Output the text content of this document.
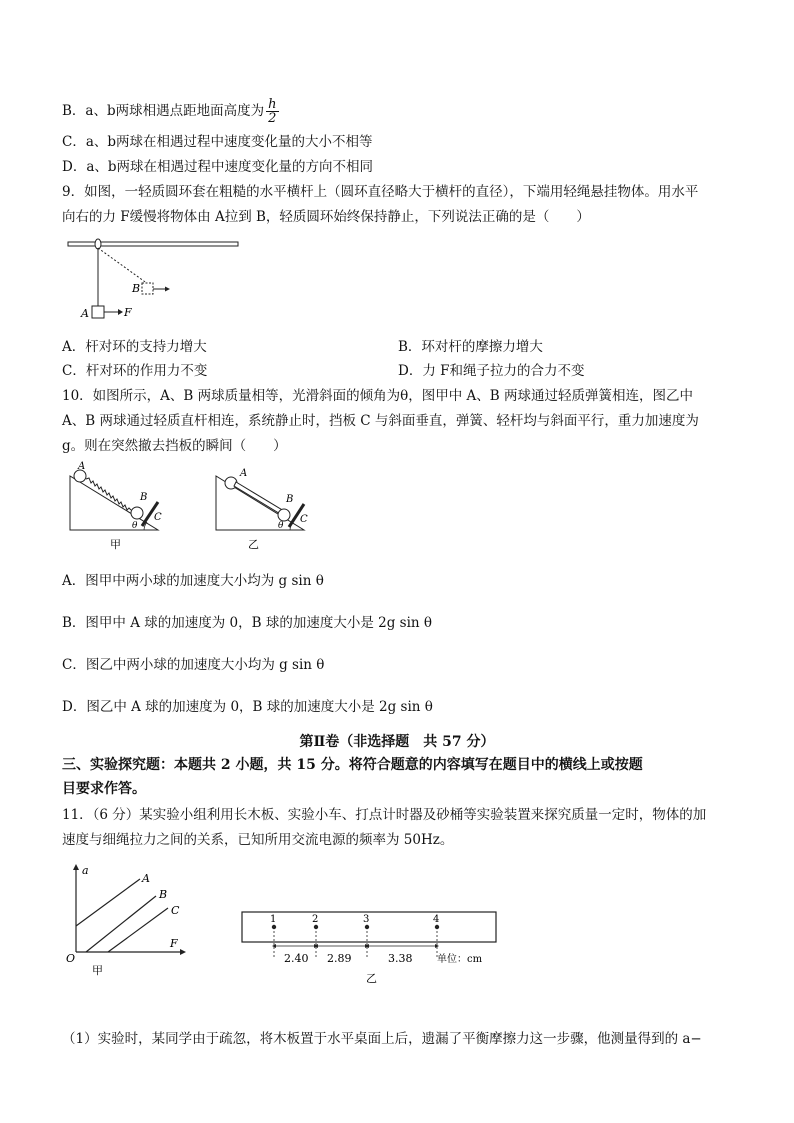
B．a、b两球相遇点距地面高度为 $\frac{h}{2}$
C．a、b两球在相遇过程中速度变化量的大小不相等
D．a、b两球在相遇过程中速度变化量的方向不相同
9．如图，一轻质圆环套在粗糙的水平横杆上（圆环直径略大于横杆的直径），下端用轻绳悬挂物体。用水平
向右的力 F缓慢将物体由 A拉到 B，轻质圆环始终保持静止，下列说法正确的是（　　）
A
B
F
A．杆对环的支持力增大	B．环对杆的摩擦力增大
C．杆对环的作用力不变	D．力 F和绳子拉力的合力不变
10．如图所示，A、B 两球质量相等，光滑斜面的倾角为θ，图甲中 A、B 两球通过轻质弹簧相连，图乙中
A、B 两球通过轻质直杆相连，系统静止时，挡板 C 与斜面垂直，弹簧、轻杆均与斜面平行，重力加速度为
g。则在突然撤去挡板的瞬间（　　）
A
B
C
θ
甲
A
B
C
θ
乙
A．图甲中两小球的加速度大小均为 g sin θ
B．图甲中 A 球的加速度为 0，B 球的加速度大小是 2g sin θ
C．图乙中两小球的加速度大小均为 g sin θ
D．图乙中 A 球的加速度为 0，B 球的加速度大小是 2g sin θ
第Ⅱ卷（非选择题　共 57 分）
三、实验探究题：本题共 2 小题，共 15 分。将符合题意的内容填写在题目中的横线上或按题
目要求作答。
11．（6 分）某实验小组利用长木板、实验小车、打点计时器及砂桶等实验装置来探究质量一定时，物体的加
速度与细绳拉力之间的关系，已知所用交流电源的频率为 50Hz。
a
F
O
A
B
C
甲
1	2	3	4
2.40 2.89	3.38 单位：cm
乙
（1）实验时，某同学由于疏忽，将木板置于水平桌面上后，遗漏了平衡摩擦力这一步骤，他测量得到的 a−
